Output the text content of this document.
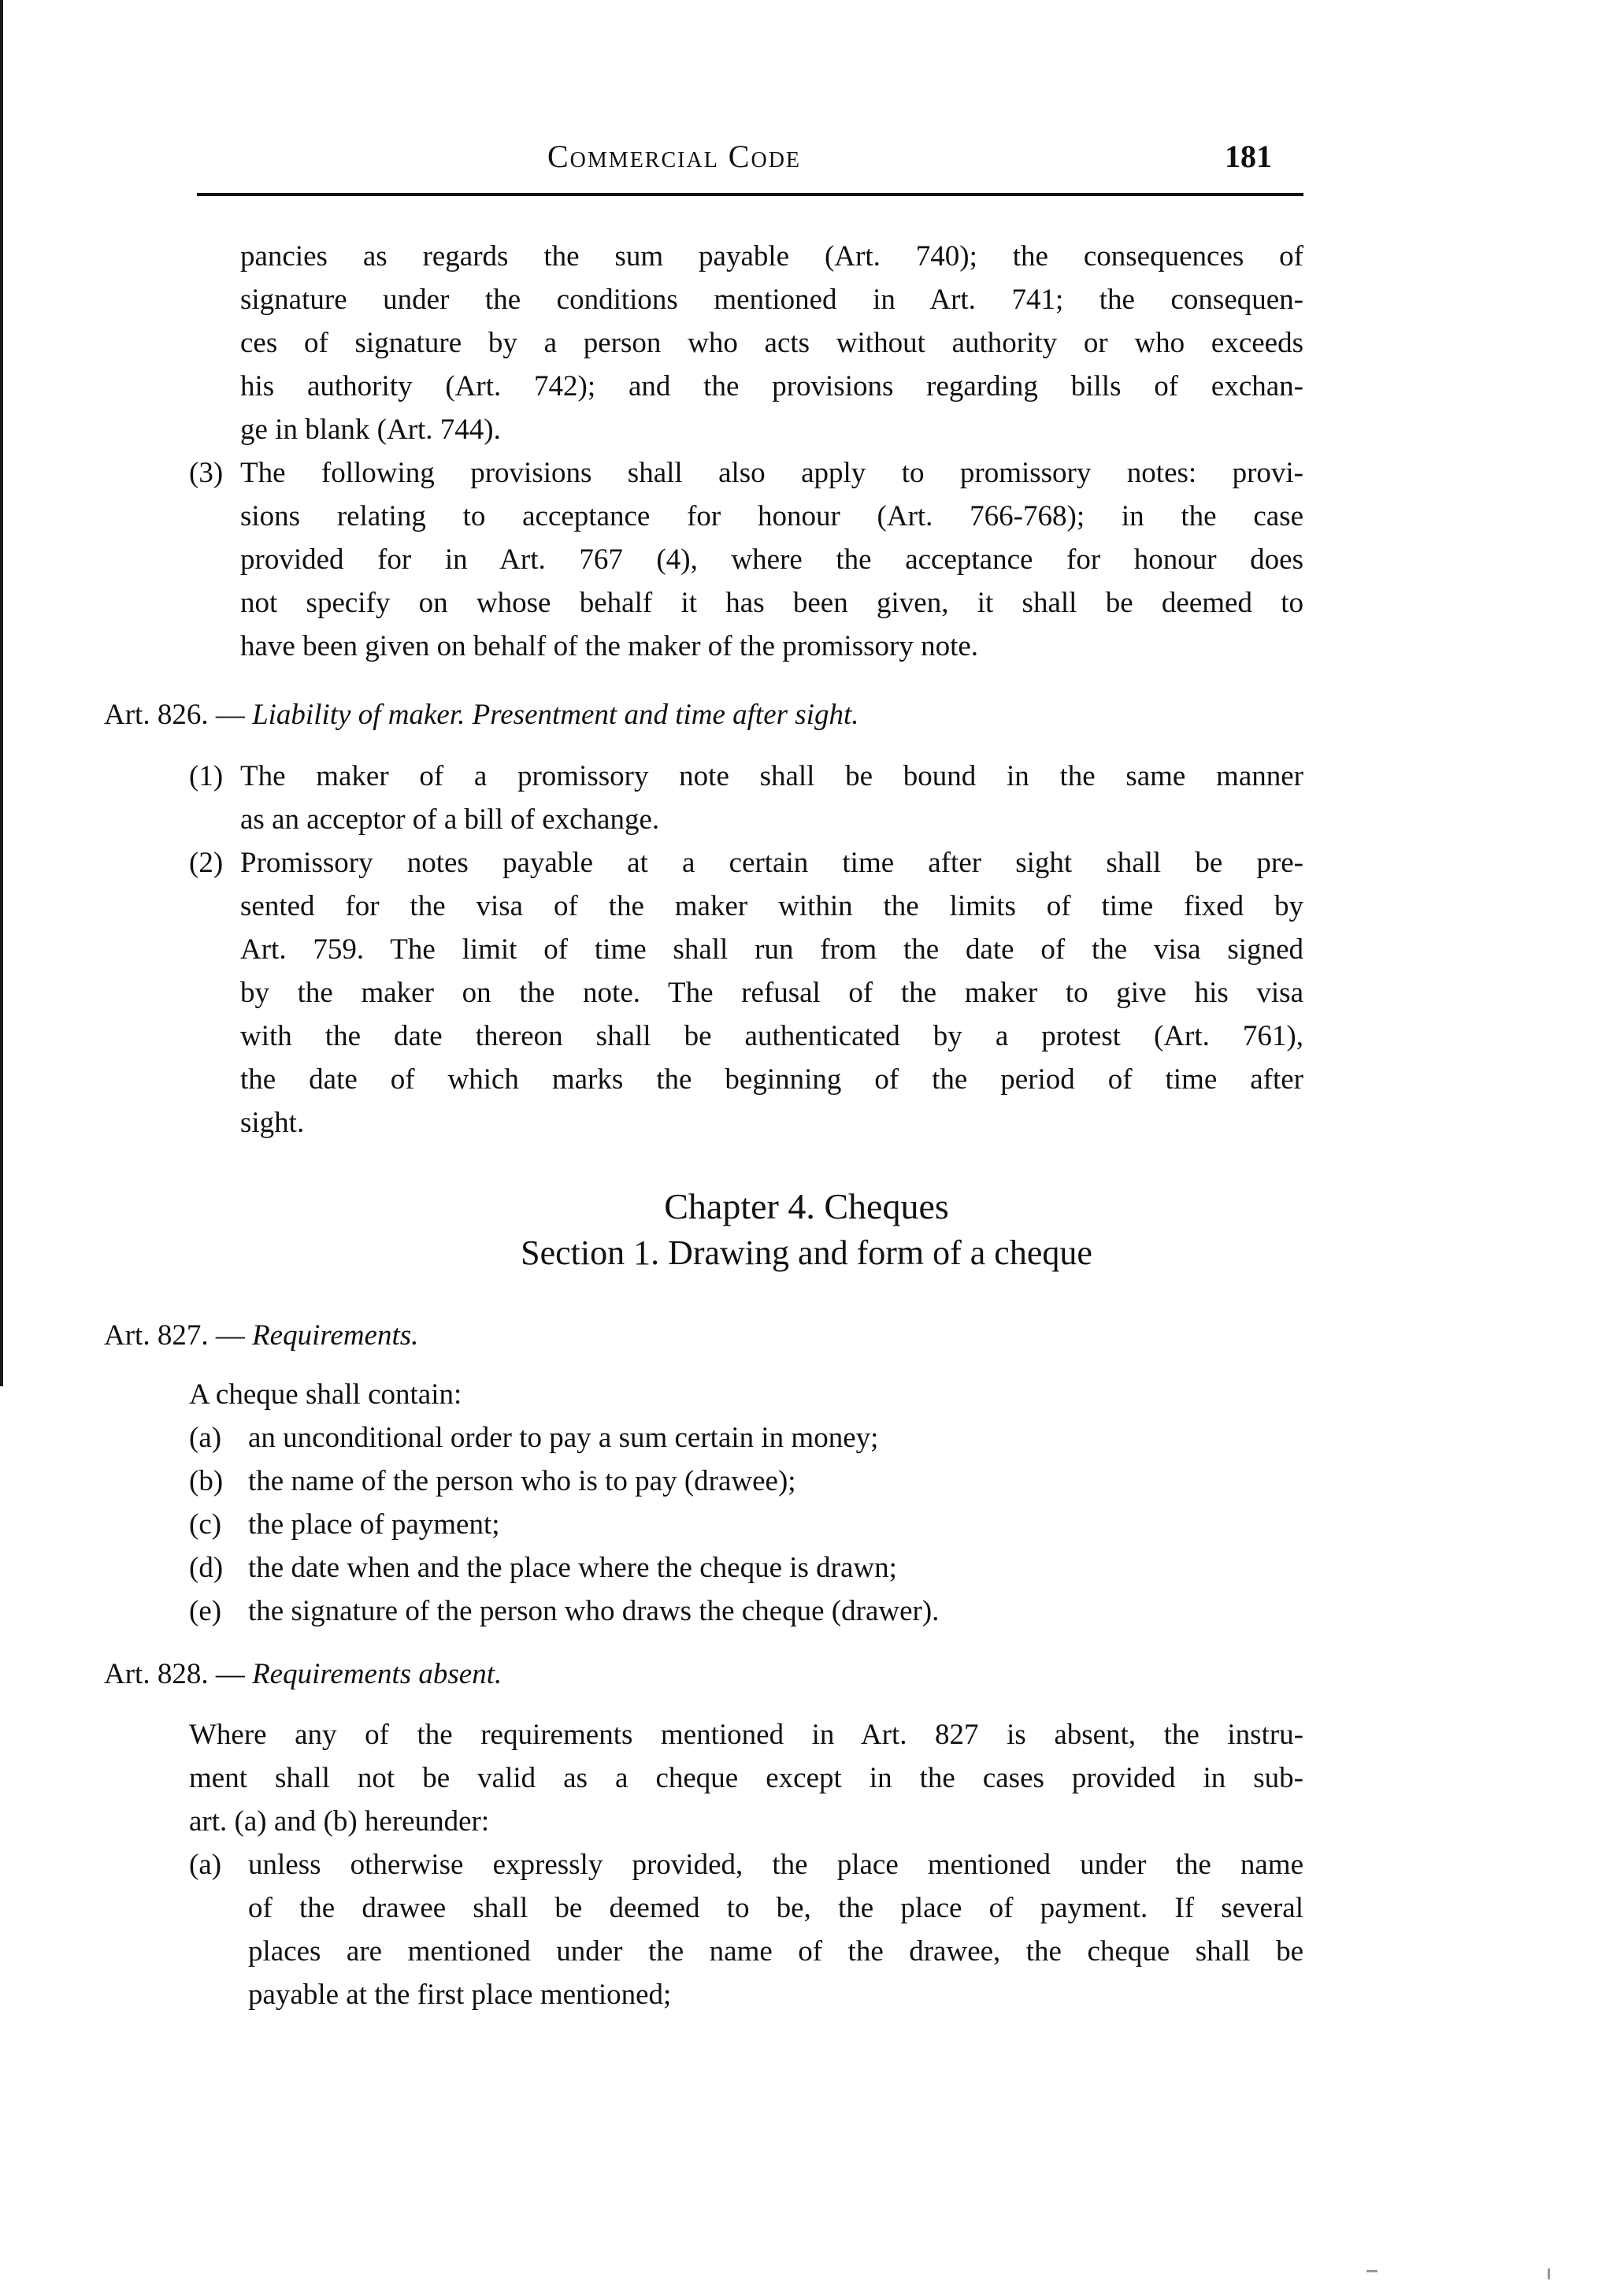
Commercial Code	181
pancies as regards the sum payable (Art. 740); the consequences of
signature under the conditions mentioned in Art. 741; the consequen-
ces of signature by a person who acts without authority or who exceeds
his authority (Art. 742); and the provisions regarding bills of exchan-
ge in blank (Art. 744).
(3) The following provisions shall also apply to promissory notes: provi-
sions relating to acceptance for honour (Art. 766-768); in the case
provided for in Art. 767 (4), where the acceptance for honour does
not specify on whose behalf it has been given, it shall be deemed to
have been given on behalf of the maker of the promissory note.
Art. 826. — Liability of maker. Presentment and time after sight.
(1) The maker of a promissory note shall be bound in the same manner
as an acceptor of a bill of exchange.
(2) Promissory notes payable at a certain time after sight shall be pre-
sented for the visa of the maker within the limits of time fixed by
Art. 759. The limit of time shall run from the date of the visa signed
by the maker on the note. The refusal of the maker to give his visa
with the date thereon shall be authenticated by a protest (Art. 761),
the date of which marks the beginning of the period of time after
sight.
Chapter 4. Cheques
Section 1. Drawing and form of a cheque
Art. 827. — Requirements.
A cheque shall contain:
(a) an unconditional order to pay a sum certain in money;
(b) the name of the person who is to pay (drawee);
(c) the place of payment;
(d) the date when and the place where the cheque is drawn;
(e) the signature of the person who draws the cheque (drawer).
Art. 828. — Requirements absent.
Where any of the requirements mentioned in Art. 827 is absent, the instru-
ment shall not be valid as a cheque except in the cases provided in sub-
art. (a) and (b) hereunder:
(a) unless otherwise expressly provided, the place mentioned under the name
of the drawee shall be deemed to be, the place of payment. If several
places are mentioned under the name of the drawee, the cheque shall be
payable at the first place mentioned;
